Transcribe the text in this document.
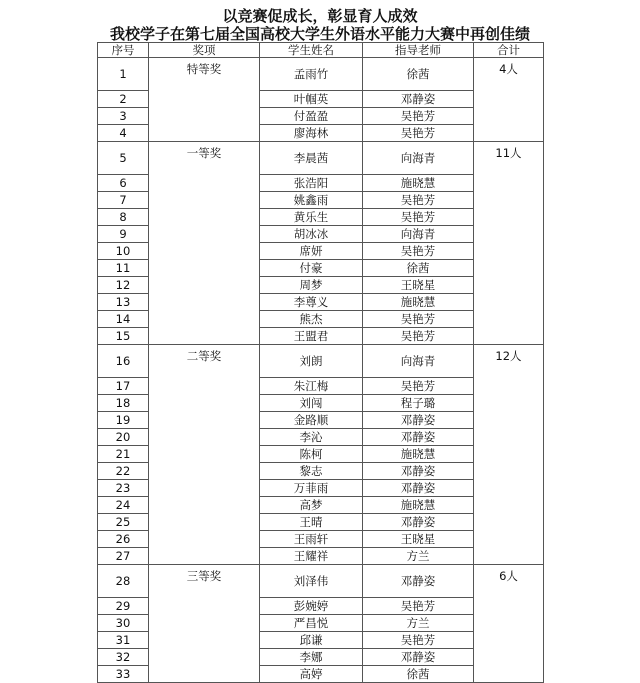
以竞赛促成长，彰显育人成效
我校学子在第七届全国高校大学生外语水平能力大赛中再创佳绩
序号	奖项	学生姓名	指导老师	合计
1	特等奖	孟雨竹	徐茜	4人

2		叶帼英	邓静姿	
3		付盈盈	吴艳芳	
4		廖海林	吴艳芳	
5	一等奖	李晨茜	向海青	11人

6		张浩阳	施晓慧	
7		姚鑫雨	吴艳芳	
8		黄乐生	吴艳芳	
9		胡冰冰	向海青	
10		席妍	吴艳芳	
11		付豪	徐茜	
12		周梦	王晓星	
13		李尊义	施晓慧	
14		熊杰	吴艳芳	
15		王盟君	吴艳芳	
16	二等奖	刘朗	向海青	12人

17		朱江梅	吴艳芳	
18		刘闯	程子璐	
19		金路顺	邓静姿	
20		李沁	邓静姿	
21		陈柯	施晓慧	
22		黎志	邓静姿	
23		万菲雨	邓静姿	
24		高梦	施晓慧	
25		王晴	邓静姿	
26		王雨轩	王晓星	
27		王耀祥	方兰	
28	三等奖	刘泽伟	邓静姿	6人

29		彭婉婷	吴艳芳	
30		严昌悦	方兰	
31		邱谦	吴艳芳	
32		李娜	邓静姿	
33		高婷	徐茜	
